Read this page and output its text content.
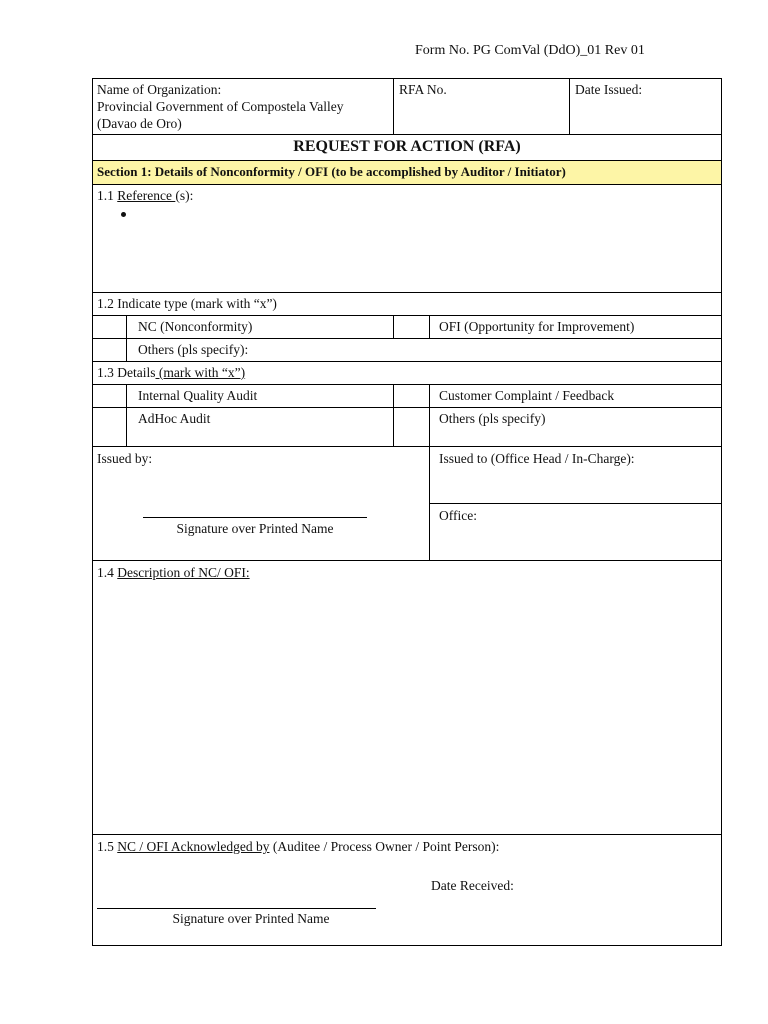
Form No. PG ComVal (DdO)_01 Rev 01
Name of Organization:
Provincial Government of Compostela Valley
(Davao de Oro)
RFA No.	Date Issued:
REQUEST FOR ACTION (RFA)
Section 1: Details of Nonconformity / OFI (to be accomplished by Auditor / Initiator)
1.1 Reference (s):
1.2 Indicate type (mark with “x”)
NC (Nonconformity)	OFI (Opportunity for Improvement)
Others (pls specify):
1.3 Details (mark with “x”)
Internal Quality Audit	Customer Complaint / Feedback
AdHoc Audit	Others (pls specify)
Issued by:
Signature over Printed Name
Issued to (Office Head / In-Charge):
Office:
1.4 Description of NC/ OFI:
1.5 NC / OFI Acknowledged by (Auditee / Process Owner / Point Person):
Date Received:
Signature over Printed Name
